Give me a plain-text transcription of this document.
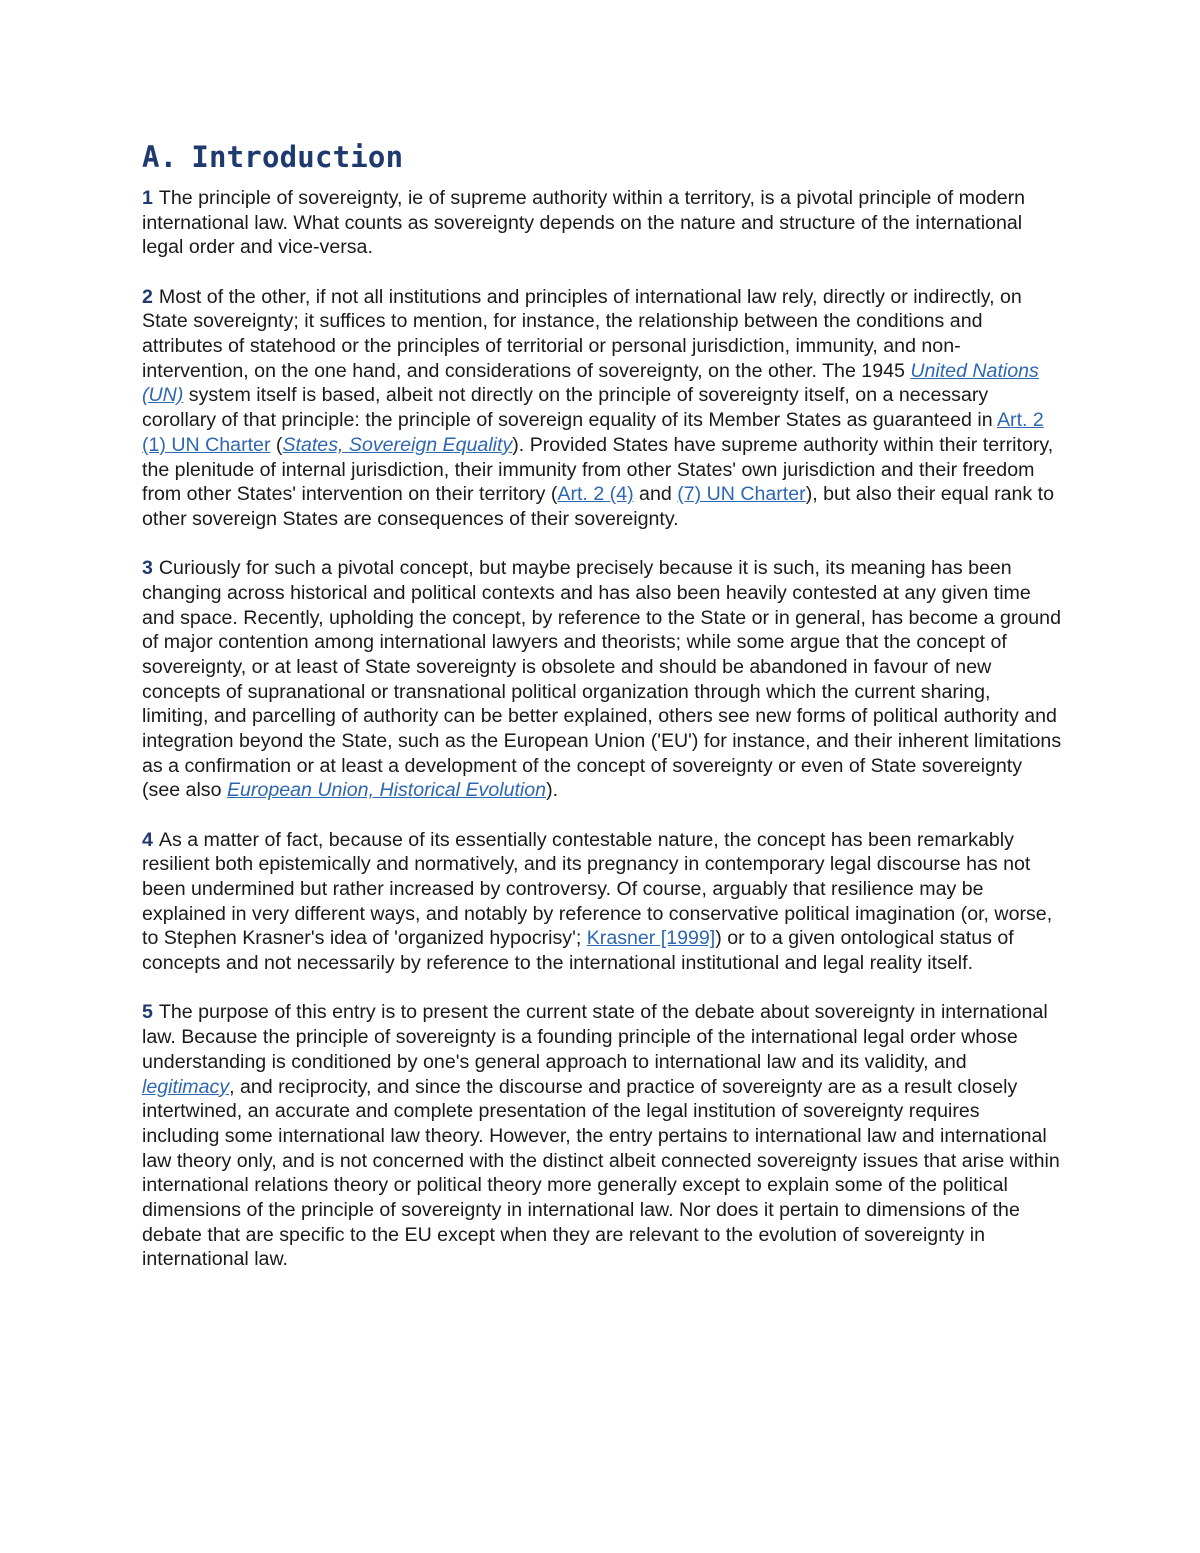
A. Introduction

1 The principle of sovereignty, ie of supreme authority within a territory, is a pivotal principle of modern international law. What counts as sovereignty depends on the nature and structure of the international legal order and vice-versa.

2 Most of the other, if not all institutions and principles of international law rely, directly or indirectly, on State sovereignty; it suffices to mention, for instance, the relationship between the conditions and attributes of statehood or the principles of territorial or personal jurisdiction, immunity, and non-intervention, on the one hand, and considerations of sovereignty, on the other. The 1945 United Nations (UN) system itself is based, albeit not directly on the principle of sovereignty itself, on a necessary corollary of that principle: the principle of sovereign equality of its Member States as guaranteed in Art. 2 (1) UN Charter (States, Sovereign Equality). Provided States have supreme authority within their territory, the plenitude of internal jurisdiction, their immunity from other States' own jurisdiction and their freedom from other States' intervention on their territory (Art. 2 (4) and (7) UN Charter), but also their equal rank to other sovereign States are consequences of their sovereignty.

3 Curiously for such a pivotal concept, but maybe precisely because it is such, its meaning has been changing across historical and political contexts and has also been heavily contested at any given time and space. Recently, upholding the concept, by reference to the State or in general, has become a ground of major contention among international lawyers and theorists; while some argue that the concept of sovereignty, or at least of State sovereignty is obsolete and should be abandoned in favour of new concepts of supranational or transnational political organization through which the current sharing, limiting, and parcelling of authority can be better explained, others see new forms of political authority and integration beyond the State, such as the European Union ('EU') for instance, and their inherent limitations as a confirmation or at least a development of the concept of sovereignty or even of State sovereignty (see also European Union, Historical Evolution).

4 As a matter of fact, because of its essentially contestable nature, the concept has been remarkably resilient both epistemically and normatively, and its pregnancy in contemporary legal discourse has not been undermined but rather increased by controversy. Of course, arguably that resilience may be explained in very different ways, and notably by reference to conservative political imagination (or, worse, to Stephen Krasner's idea of 'organized hypocrisy'; Krasner [1999]) or to a given ontological status of concepts and not necessarily by reference to the international institutional and legal reality itself.

5 The purpose of this entry is to present the current state of the debate about sovereignty in international law. Because the principle of sovereignty is a founding principle of the international legal order whose understanding is conditioned by one's general approach to international law and its validity, and legitimacy, and reciprocity, and since the discourse and practice of sovereignty are as a result closely intertwined, an accurate and complete presentation of the legal institution of sovereignty requires including some international law theory. However, the entry pertains to international law and international law theory only, and is not concerned with the distinct albeit connected sovereignty issues that arise within international relations theory or political theory more generally except to explain some of the political dimensions of the principle of sovereignty in international law. Nor does it pertain to dimensions of the debate that are specific to the EU except when they are relevant to the evolution of sovereignty in international law.
